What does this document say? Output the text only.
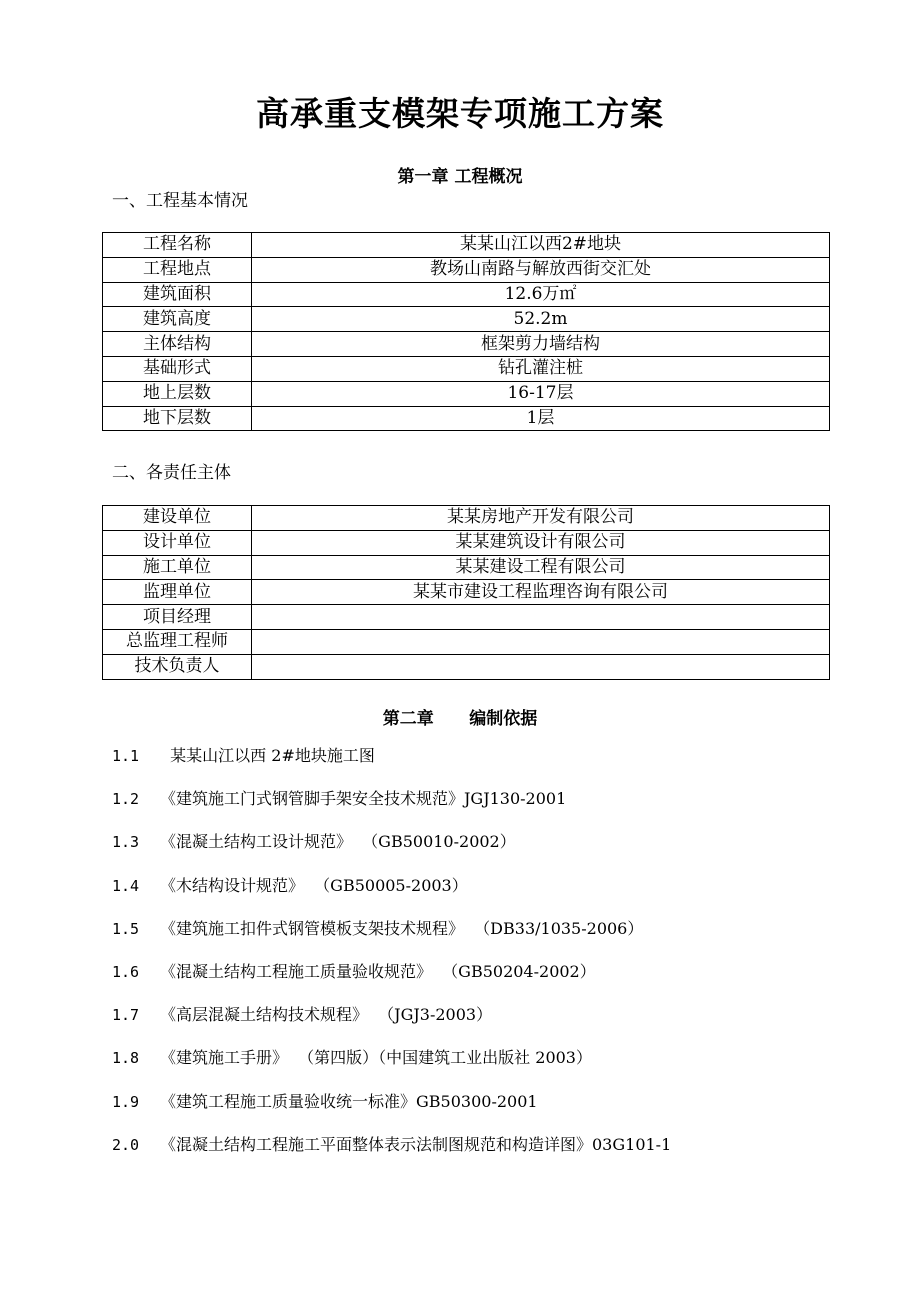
高承重支模架专项施工方案
第一章 工程概况
一、工程基本情况
工程名称	某某山江以西2#地块
工程地点	教场山南路与解放西街交汇处
建筑面积	12.6万㎡
建筑高度	52.2m
主体结构	框架剪力墙结构
基础形式	钻孔灌注桩
地上层数	16-17层
地下层数	1层
二、各责任主体
建设单位	某某房地产开发有限公司
设计单位	某某建筑设计有限公司
施工单位	某某建设工程有限公司
监理单位	某某市建设工程监理咨询有限公司
项目经理	
总监理工程师	
技术负责人	
第二章      编制依据
1.1  某某山江以西 2#地块施工图
1.2 《建筑施工门式钢管脚手架安全技术规范》JGJ130-2001
1.3 《混凝土结构工设计规范》  （GB50010-2002）
1.4 《木结构设计规范》  （GB50005-2003）
1.5 《建筑施工扣件式钢管模板支架技术规程》  （DB33/1035-2006）
1.6 《混凝土结构工程施工质量验收规范》  （GB50204-2002）
1.7 《高层混凝土结构技术规程》  （JGJ3-2003）
1.8 《建筑施工手册》  （第四版）（中国建筑工业出版社 2003）
1.9 《建筑工程施工质量验收统一标准》GB50300-2001
2.0 《混凝土结构工程施工平面整体表示法制图规范和构造详图》03G101-1
